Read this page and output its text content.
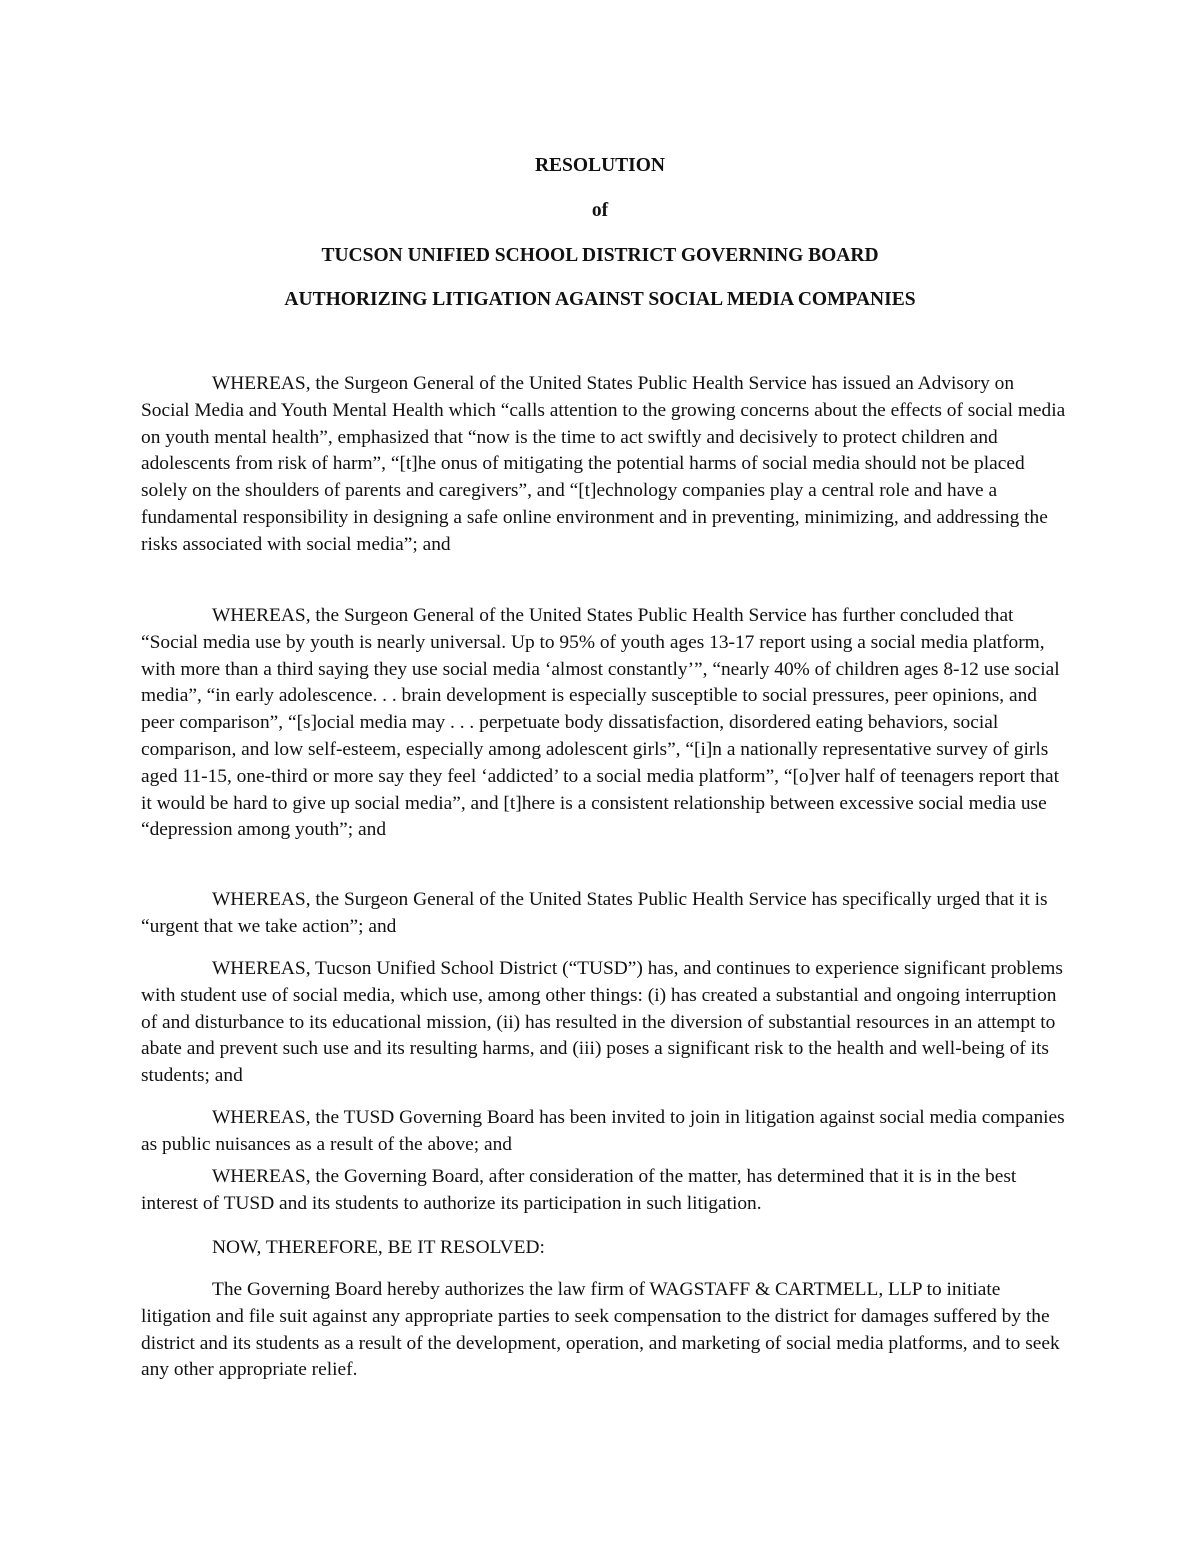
RESOLUTION
of
TUCSON UNIFIED SCHOOL DISTRICT GOVERNING BOARD
AUTHORIZING LITIGATION AGAINST SOCIAL MEDIA COMPANIES

WHEREAS, the Surgeon General of the United States Public Health Service has issued an Advisory on Social Media and Youth Mental Health which “calls attention to the growing concerns about the effects of social media on youth mental health”, emphasized that “now is the time to act swiftly and decisively to protect children and adolescents from risk of harm”, “[t]he onus of mitigating the potential harms of social media should not be placed solely on the shoulders of parents and caregivers”, and “[t]echnology companies play a central role and have a fundamental responsibility in designing a safe online environment and in preventing, minimizing, and addressing the risks associated with social media”; and

WHEREAS, the Surgeon General of the United States Public Health Service has further concluded that “Social media use by youth is nearly universal. Up to 95% of youth ages 13-17 report using a social media platform, with more than a third saying they use social media ‘almost constantly’”, “nearly 40% of children ages 8-12 use social media”, “in early adolescence. . . brain development is especially susceptible to social pressures, peer opinions, and peer comparison”, “[s]ocial media may . . . perpetuate body dissatisfaction, disordered eating behaviors, social comparison, and low self-esteem, especially among adolescent girls”, “[i]n a nationally representative survey of girls aged 11-15, one-third or more say they feel ‘addicted’ to a social media platform”, “[o]ver half of teenagers report that it would be hard to give up social media”, and [t]here is a consistent relationship between excessive social media use “depression among youth”; and

WHEREAS, the Surgeon General of the United States Public Health Service has specifically urged that it is “urgent that we take action”; and

WHEREAS, Tucson Unified School District (“TUSD”) has, and continues to experience significant problems with student use of social media, which use, among other things: (i) has created a substantial and ongoing interruption of and disturbance to its educational mission, (ii) has resulted in the diversion of substantial resources in an attempt to abate and prevent such use and its resulting harms, and (iii) poses a significant risk to the health and well-being of its students; and

WHEREAS, the TUSD Governing Board has been invited to join in litigation against social media companies as public nuisances as a result of the above; and

WHEREAS, the Governing Board, after consideration of the matter, has determined that it is in the best interest of TUSD and its students to authorize its participation in such litigation.

NOW, THEREFORE, BE IT RESOLVED:

The Governing Board hereby authorizes the law firm of WAGSTAFF & CARTMELL, LLP to initiate litigation and file suit against any appropriate parties to seek compensation to the district for damages suffered by the district and its students as a result of the development, operation, and marketing of social media platforms, and to seek any other appropriate relief.
